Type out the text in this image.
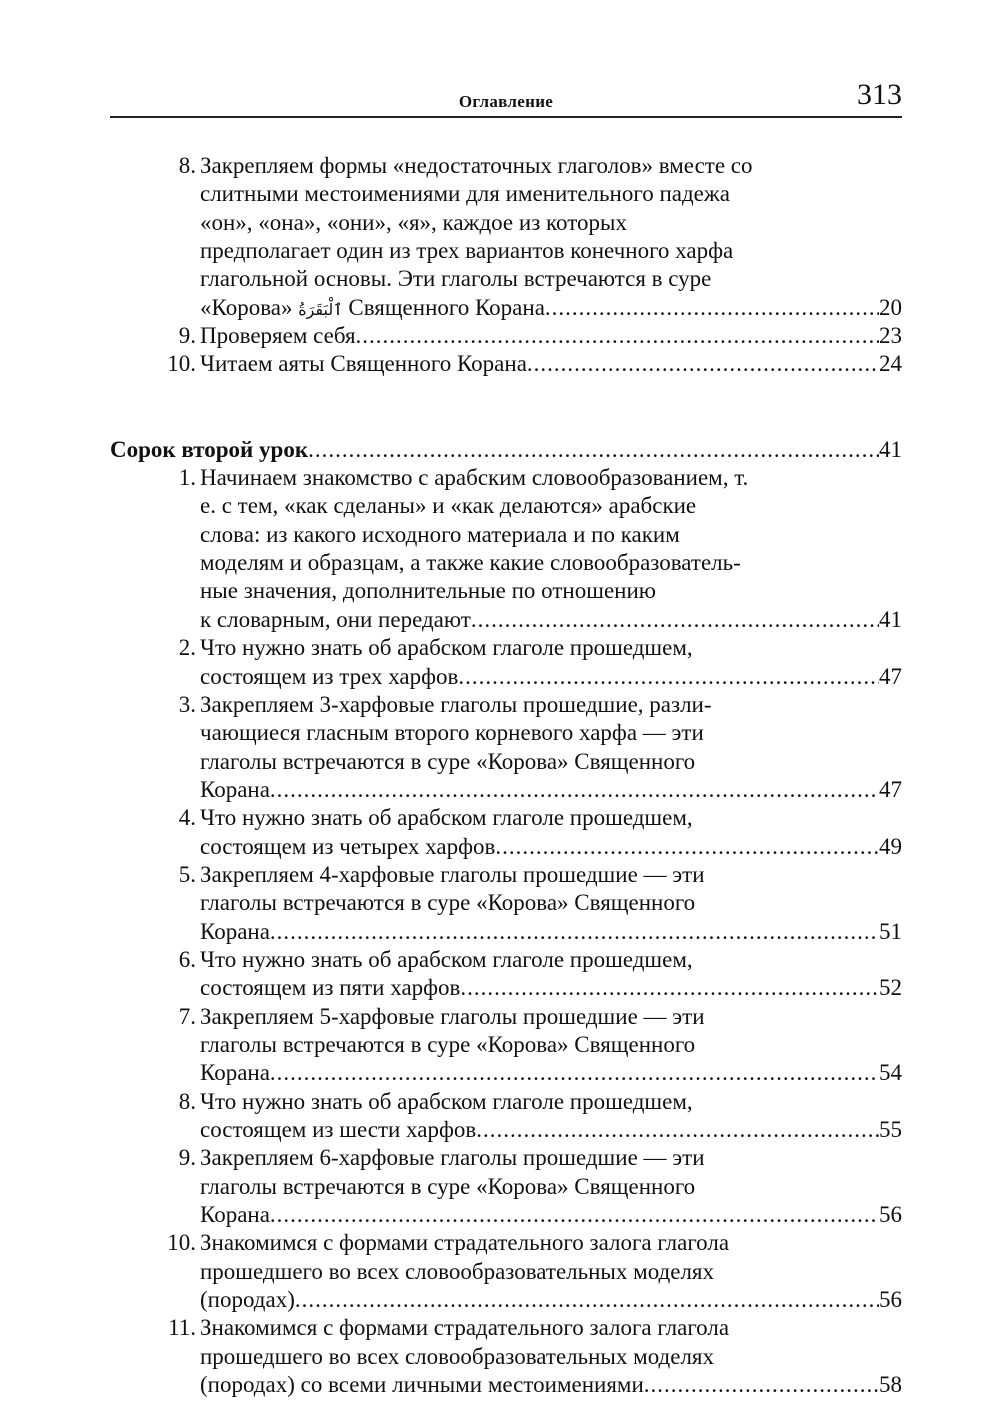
Оглавление	313
8. Закрепляем формы «недостаточных глаголов» вместе со
слитными местоимениями для именительного падежа
«он», «она», «они», «я», каждое из которых
предполагает один из трех вариантов конечного харфа
глагольной основы. Эти глаголы встречаются в суре
«Корова» ٱلْبَقَرَةُ Священного Корана .....	20
9. Проверяем себя .....	23
10. Читаем аяты Священного Корана .....	24
Сорок второй урок .....	41
1. Начинаем знакомство с арабским словообразованием, т.
е. с тем, «как сделаны» и «как делаются» арабские
слова: из какого исходного материала и по каким
моделям и образцам, а также какие словообразователь-
ные значения, дополнительные по отношению
к словарным, они передают .....	41
2. Что нужно знать об арабском глаголе прошедшем,
состоящем из трех харфов .....	47
3. Закрепляем 3-харфовые глаголы прошедшие, разли-
чающиеся гласным второго корневого харфа — эти
глаголы встречаются в суре «Корова» Священного
Корана .....	47
4. Что нужно знать об арабском глаголе прошедшем,
состоящем из четырех харфов .....	49
5. Закрепляем 4-харфовые глаголы прошедшие — эти
глаголы встречаются в суре «Корова» Священного
Корана .....	51
6. Что нужно знать об арабском глаголе прошедшем,
состоящем из пяти харфов .....	52
7. Закрепляем 5-харфовые глаголы прошедшие — эти
глаголы встречаются в суре «Корова» Священного
Корана .....	54
8. Что нужно знать об арабском глаголе прошедшем,
состоящем из шести харфов .....	55
9. Закрепляем 6-харфовые глаголы прошедшие — эти
глаголы встречаются в суре «Корова» Священного
Корана .....	56
10. Знакомимся с формами страдательного залога глагола
прошедшего во всех словообразовательных моделях
(породах) .....	56
11. Знакомимся с формами страдательного залога глагола
прошедшего во всех словообразовательных моделях
(породах) со всеми личными местоимениями .....	58
